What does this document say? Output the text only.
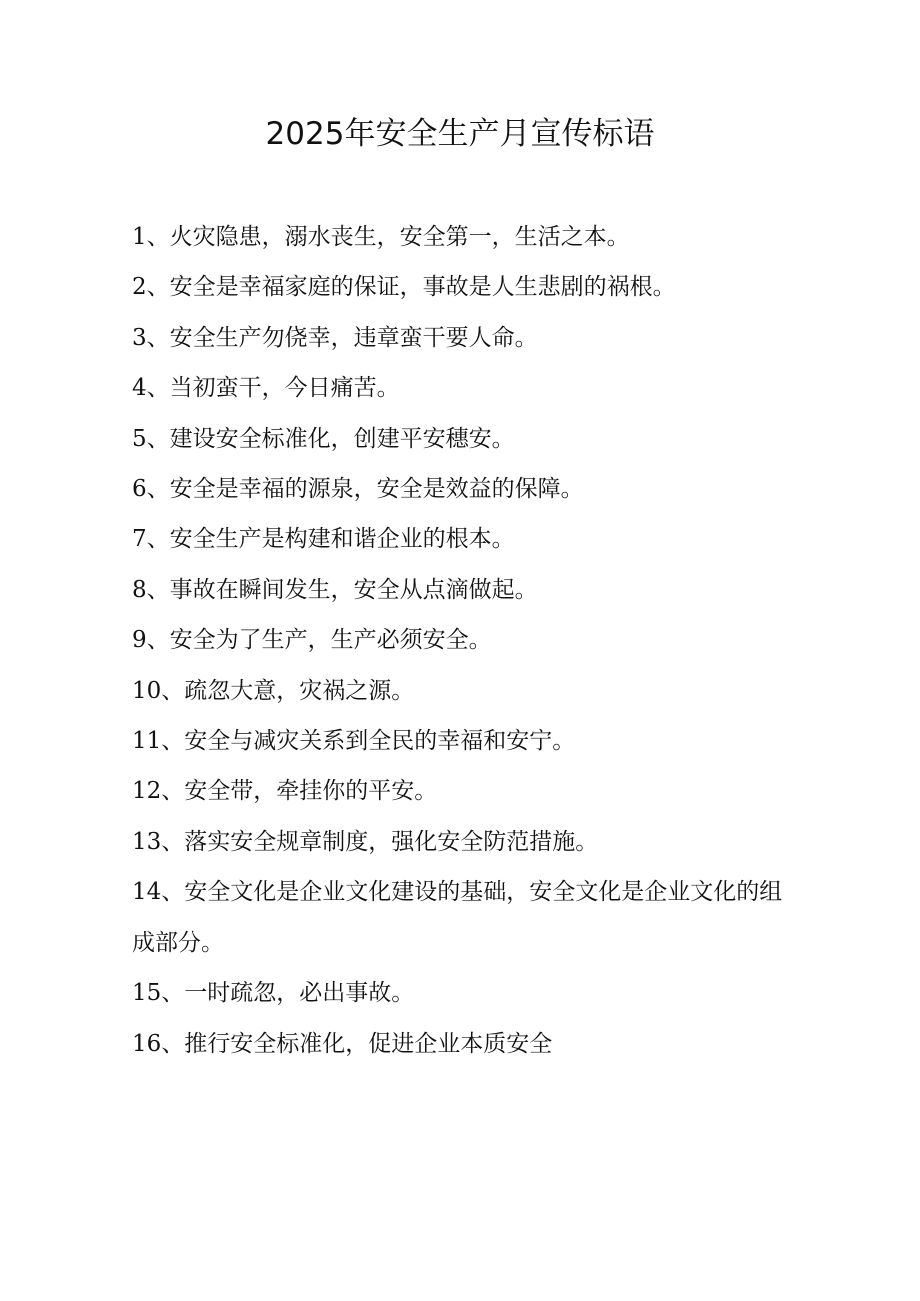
2025年安全生产月宣传标语
1、火灾隐患，溺水丧生，安全第一，生活之本。
2、安全是幸福家庭的保证，事故是人生悲剧的祸根。
3、安全生产勿侥幸，违章蛮干要人命。
4、当初蛮干，今日痛苦。
5、建设安全标准化，创建平安穗安。
6、安全是幸福的源泉，安全是效益的保障。
7、安全生产是构建和谐企业的根本。
8、事故在瞬间发生，安全从点滴做起。
9、安全为了生产，生产必须安全。
10、疏忽大意，灾祸之源。
11、安全与减灾关系到全民的幸福和安宁。
12、安全带，牵挂你的平安。
13、落实安全规章制度，强化安全防范措施。
14、安全文化是企业文化建设的基础，安全文化是企业文化的组成部分。
15、一时疏忽，必出事故。
16、推行安全标准化，促进企业本质安全
